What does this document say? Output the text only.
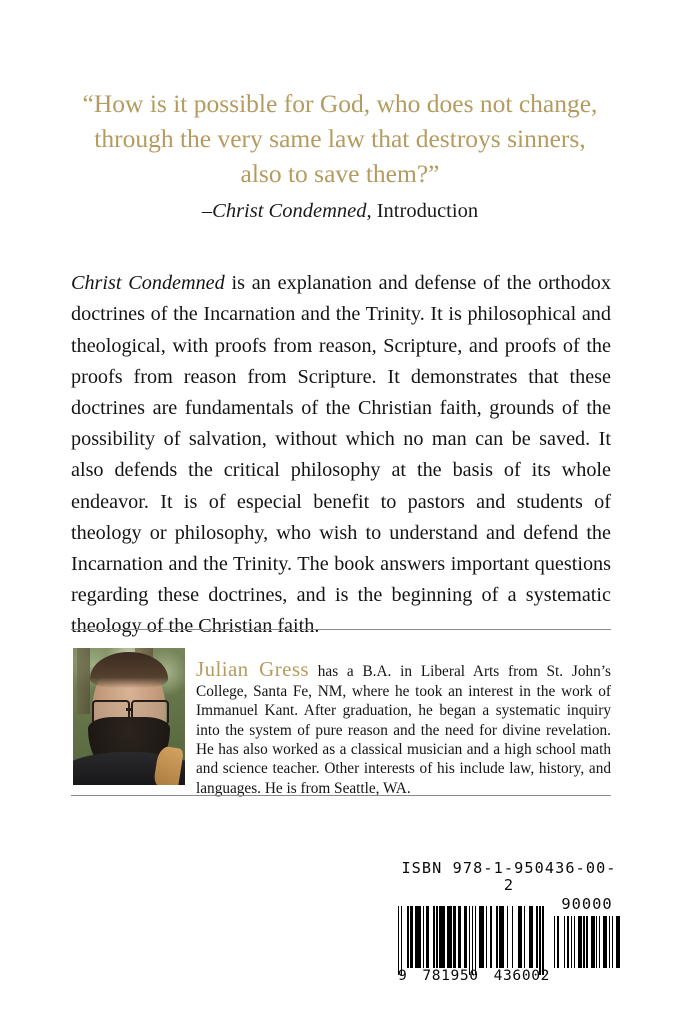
“How is it possible for God, who does not change,
through the very same law that destroys sinners,
also to save them?”
–Christ Condemned, Introduction

Christ Condemned is an explanation and defense of the orthodox doctrines of the Incarnation and the Trinity. It is philosophical and theological, with proofs from reason, Scripture, and proofs of the proofs from reason from Scripture. It demonstrates that these doctrines are fundamentals of the Christian faith, grounds of the possibility of salvation, without which no man can be saved. It also defends the critical philosophy at the basis of its whole endeavor. It is of especial benefit to pastors and students of theology or philosophy, who wish to understand and defend the Incarnation and the Trinity. The book answers important questions regarding these doctrines, and is the beginning of a systematic theology of the Christian faith.

Julian Gress has a B.A. in Liberal Arts from St. John’s College, Santa Fe, NM, where he took an interest in the work of Immanuel Kant. After graduation, he began a systematic inquiry into the system of pure reason and the need for divine revelation. He has also worked as a classical musician and a high school math and science teacher. Other interests of his include law, history, and languages. He is from Seattle, WA.

ISBN 978-1-950436-00-2
90000
9 781950 436002
